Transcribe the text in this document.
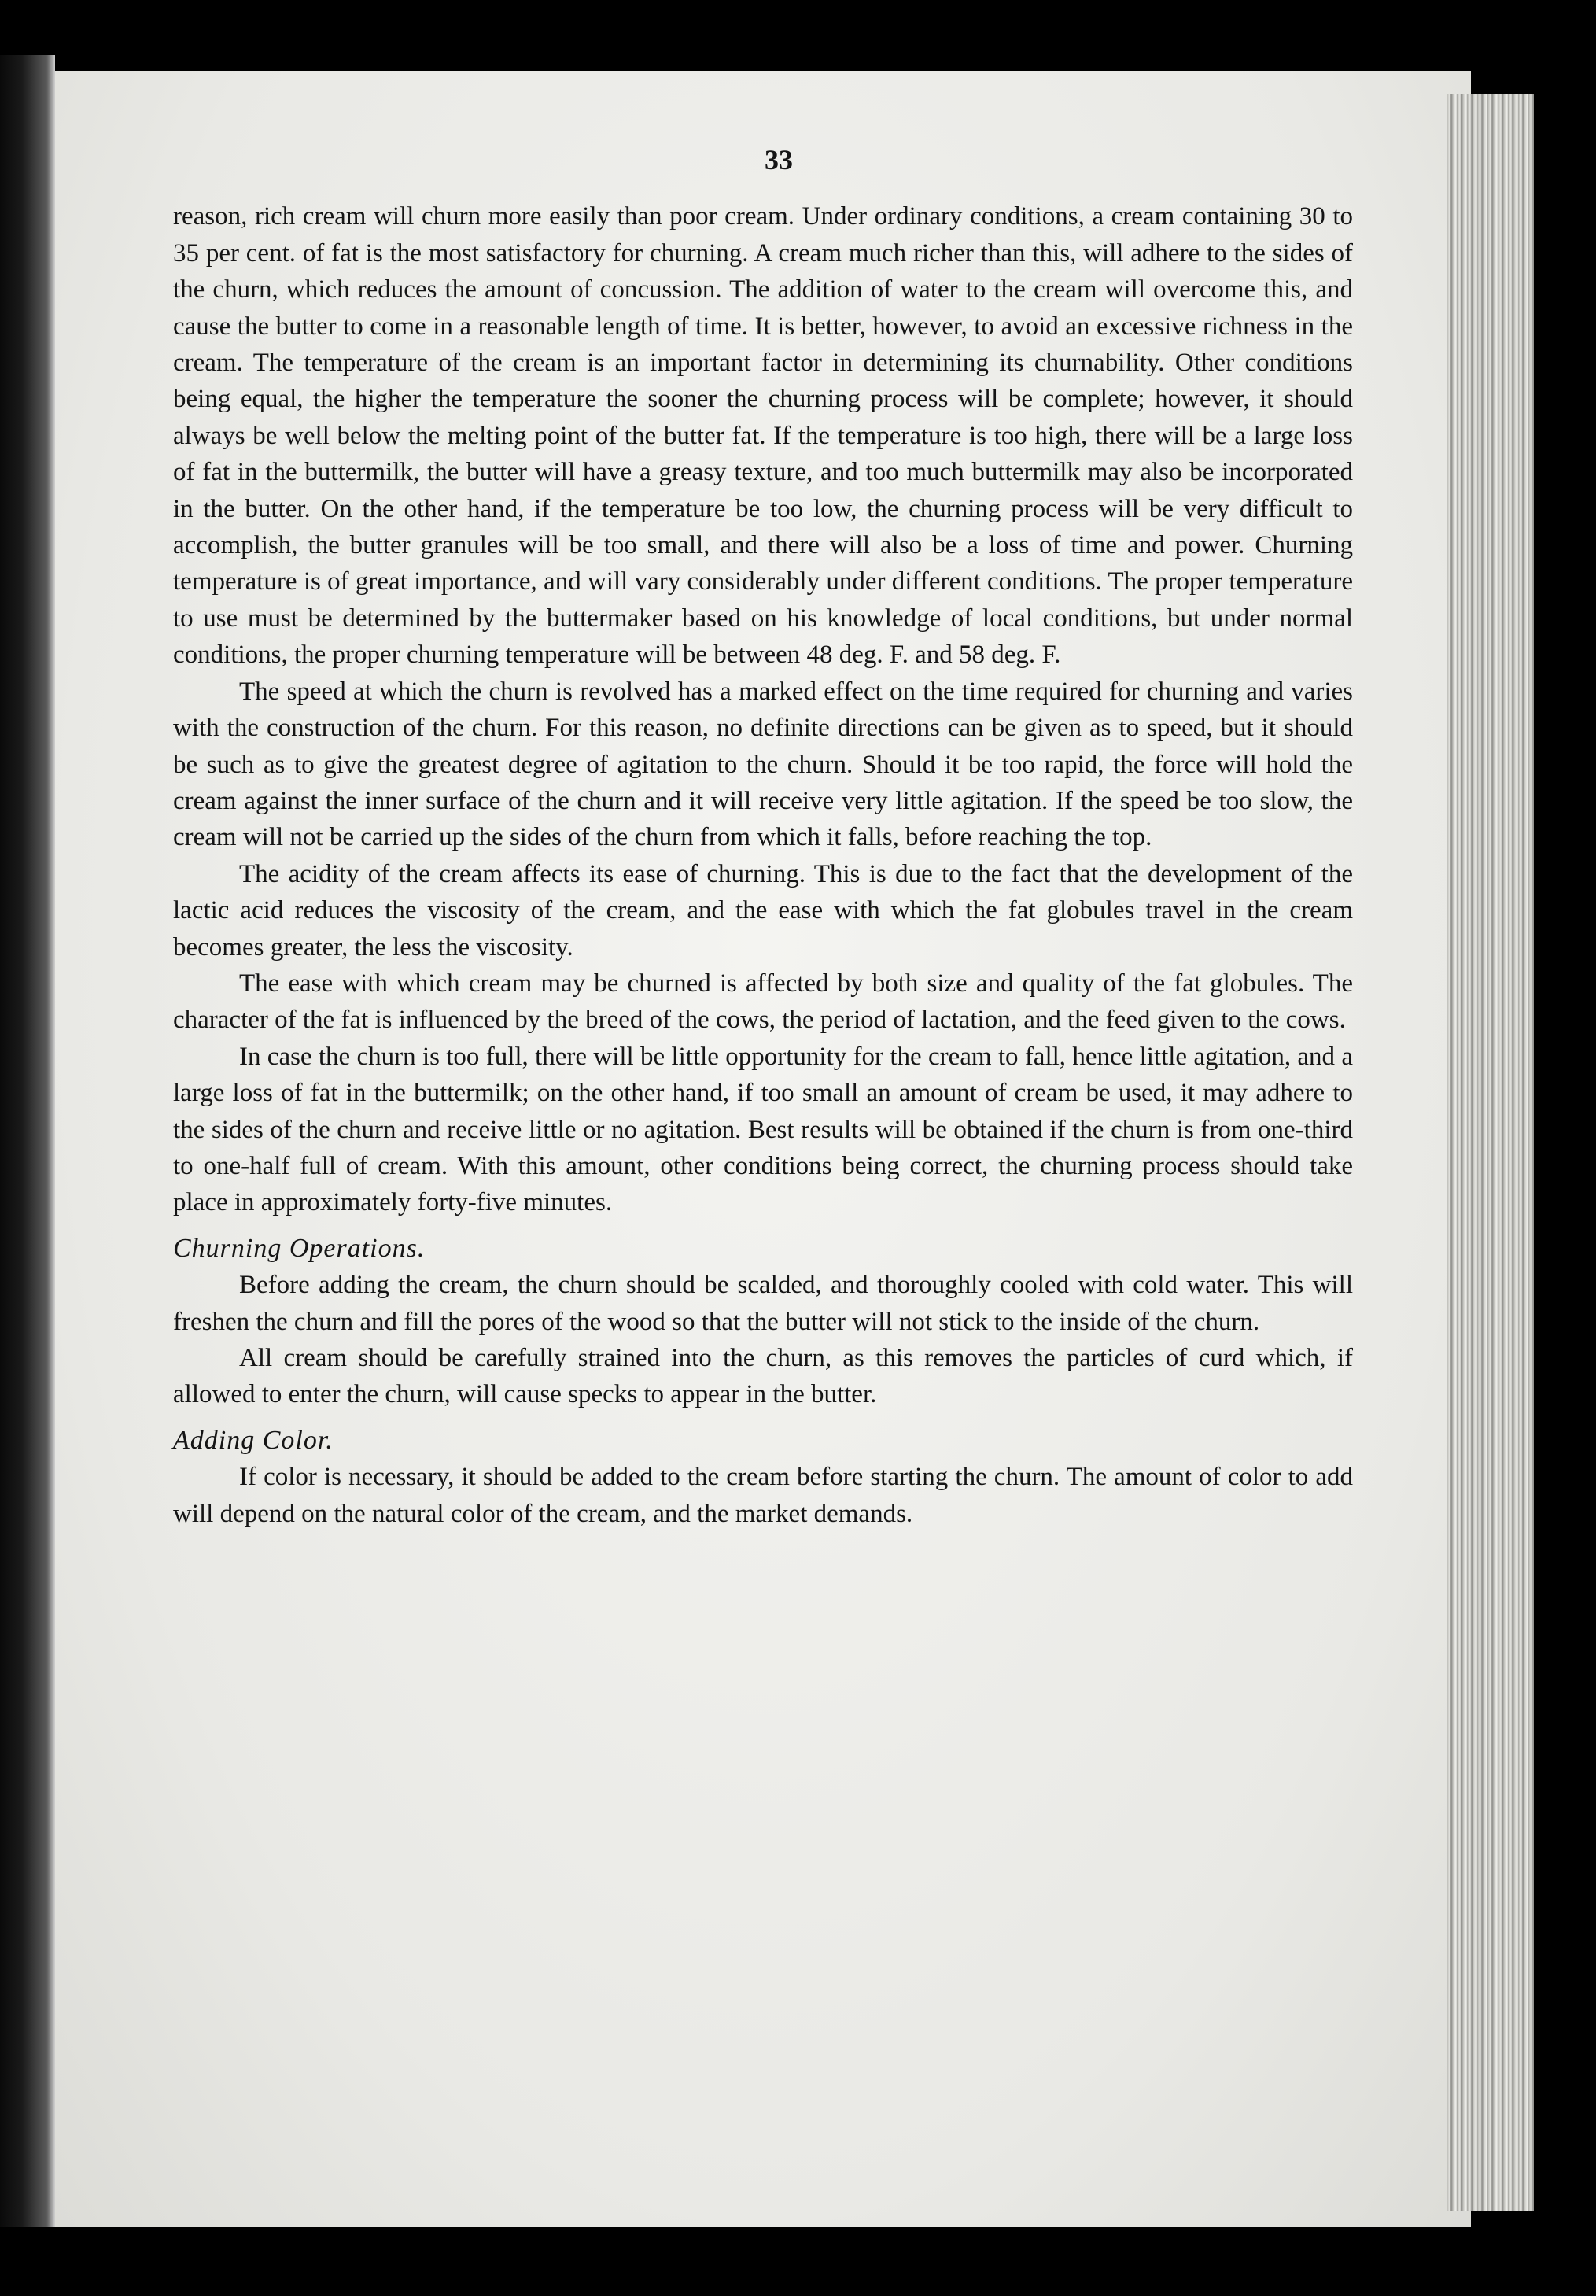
33

reason, rich cream will churn more easily than poor cream. Under ordinary conditions, a cream containing 30 to 35 per cent. of fat is the most satisfactory for churning. A cream much richer than this, will adhere to the sides of the churn, which reduces the amount of concussion. The addition of water to the cream will overcome this, and cause the butter to come in a reasonable length of time. It is better, however, to avoid an excessive richness in the cream. The temperature of the cream is an important factor in determining its churnability. Other conditions being equal, the higher the temperature the sooner the churning process will be complete; however, it should always be well below the melting point of the butter fat. If the temperature is too high, there will be a large loss of fat in the buttermilk, the butter will have a greasy texture, and too much buttermilk may also be incorporated in the butter. On the other hand, if the temperature be too low, the churning process will be very difficult to accomplish, the butter granules will be too small, and there will also be a loss of time and power. Churning temperature is of great importance, and will vary considerably under different conditions. The proper temperature to use must be determined by the buttermaker based on his knowledge of local conditions, but under normal conditions, the proper churning temperature will be between 48 deg. F. and 58 deg. F.

The speed at which the churn is revolved has a marked effect on the time required for churning and varies with the construction of the churn. For this reason, no definite directions can be given as to speed, but it should be such as to give the greatest degree of agitation to the churn. Should it be too rapid, the force will hold the cream against the inner surface of the churn and it will receive very little agitation. If the speed be too slow, the cream will not be carried up the sides of the churn from which it falls, before reaching the top.

The acidity of the cream affects its ease of churning. This is due to the fact that the development of the lactic acid reduces the viscosity of the cream, and the ease with which the fat globules travel in the cream becomes greater, the less the viscosity.

The ease with which cream may be churned is affected by both size and quality of the fat globules. The character of the fat is influenced by the breed of the cows, the period of lactation, and the feed given to the cows.

In case the churn is too full, there will be little opportunity for the cream to fall, hence little agitation, and a large loss of fat in the buttermilk; on the other hand, if too small an amount of cream be used, it may adhere to the sides of the churn and receive little or no agitation. Best results will be obtained if the churn is from one-third to one-half full of cream. With this amount, other conditions being correct, the churning process should take place in approximately forty-five minutes.

Churning Operations.

Before adding the cream, the churn should be scalded, and thoroughly cooled with cold water. This will freshen the churn and fill the pores of the wood so that the butter will not stick to the inside of the churn.

All cream should be carefully strained into the churn, as this removes the particles of curd which, if allowed to enter the churn, will cause specks to appear in the butter.

Adding Color.

If color is necessary, it should be added to the cream before starting the churn. The amount of color to add will depend on the natural color of the cream, and the market demands.
